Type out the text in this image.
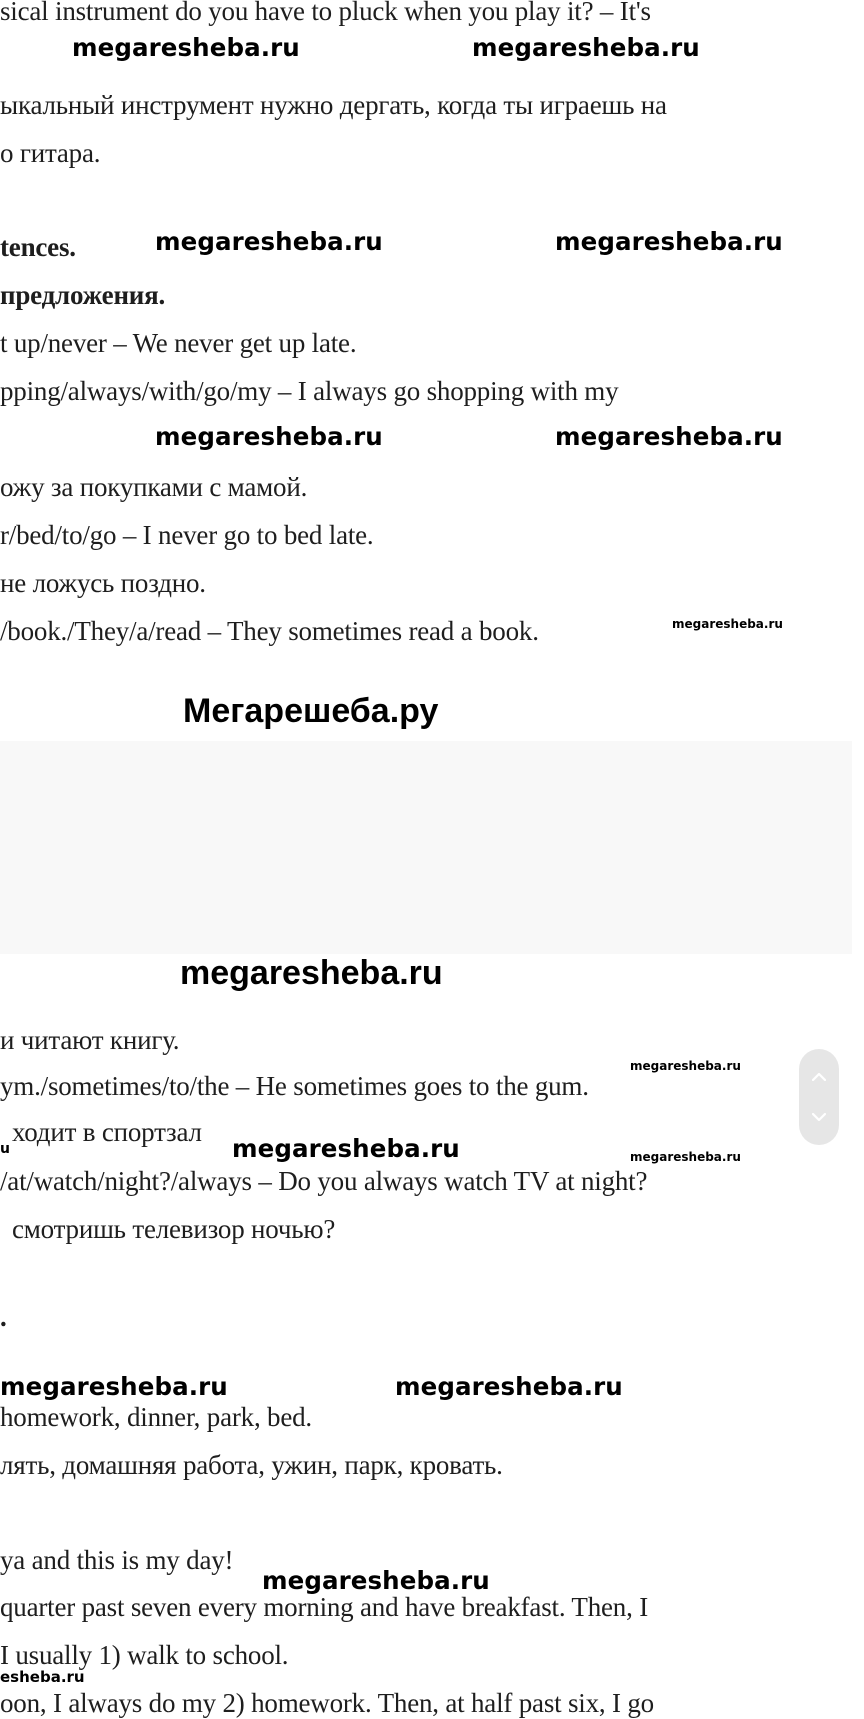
sical instrument do you have to pluck when you play it? – It's
megaresheba.ru	megaresheba.ru
ыкальный инструмент нужно дергать, когда ты играешь на
о гитара.
tences.	megaresheba.ru	megaresheba.ru
предложения.
t up/never – We never get up late.
pping/always/with/go/my – I always go shopping with my
megaresheba.ru	megaresheba.ru
ожу за покупками с мамой.
r/bed/to/go – I never go to bed late.
не ложусь поздно.
/book./They/a/read – They sometimes read a book.	megaresheba.ru
Мегарешеба.ру
megaresheba.ru
и читают книгу.
megaresheba.ru
ym./sometimes/to/the – He sometimes goes to the gum.
u
ходит в спортзал
megaresheba.ru	megaresheba.ru
/at/watch/night?/always – Do you always watch TV at night?
смотришь телевизор ночью?
.
megaresheba.ru	megaresheba.ru
homework, dinner, park, bed.
лять, домашняя работа, ужин, парк, кровать.
ya and this is my day!
megaresheba.ru
quarter past seven every morning and have breakfast. Then, I
I usually 1) walk to school.
esheba.ru
oon, I always do my 2) homework. Then, at half past six, I go
